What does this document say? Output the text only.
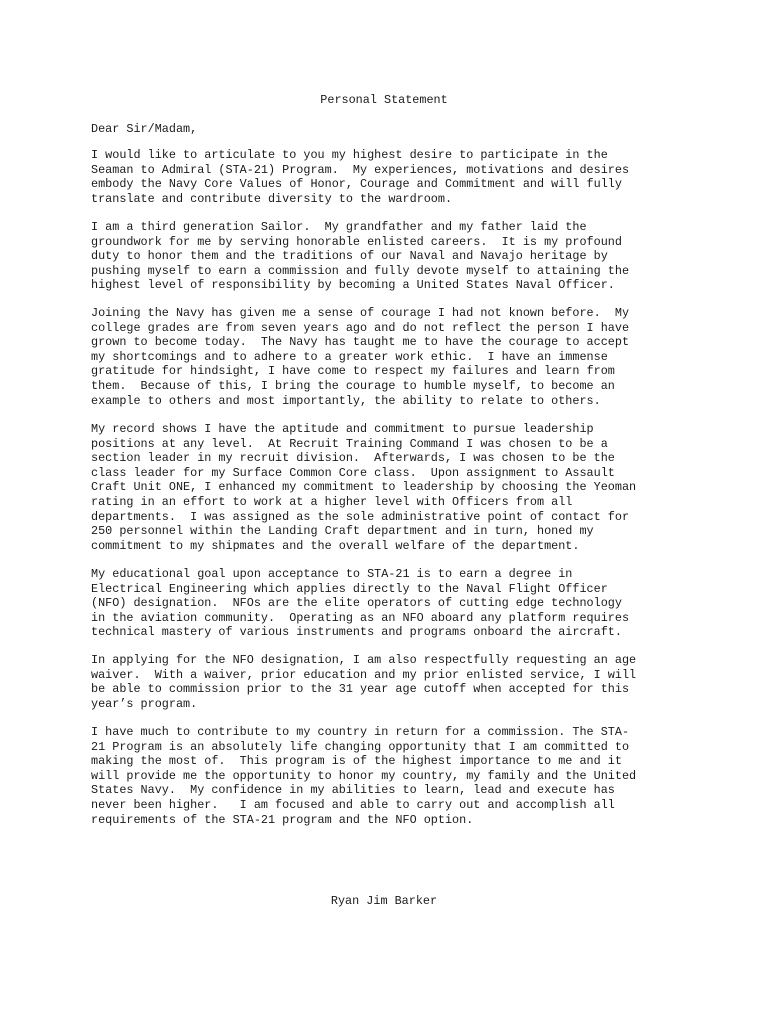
Personal Statement
Dear Sir/Madam,
I would like to articulate to you my highest desire to participate in the
Seaman to Admiral (STA-21) Program.  My experiences, motivations and desires
embody the Navy Core Values of Honor, Courage and Commitment and will fully
translate and contribute diversity to the wardroom.
I am a third generation Sailor.  My grandfather and my father laid the
groundwork for me by serving honorable enlisted careers.  It is my profound
duty to honor them and the traditions of our Naval and Navajo heritage by
pushing myself to earn a commission and fully devote myself to attaining the
highest level of responsibility by becoming a United States Naval Officer.
Joining the Navy has given me a sense of courage I had not known before.  My
college grades are from seven years ago and do not reflect the person I have
grown to become today.  The Navy has taught me to have the courage to accept
my shortcomings and to adhere to a greater work ethic.  I have an immense
gratitude for hindsight, I have come to respect my failures and learn from
them.  Because of this, I bring the courage to humble myself, to become an
example to others and most importantly, the ability to relate to others.
My record shows I have the aptitude and commitment to pursue leadership
positions at any level.  At Recruit Training Command I was chosen to be a
section leader in my recruit division.  Afterwards, I was chosen to be the
class leader for my Surface Common Core class.  Upon assignment to Assault
Craft Unit ONE, I enhanced my commitment to leadership by choosing the Yeoman
rating in an effort to work at a higher level with Officers from all
departments.  I was assigned as the sole administrative point of contact for
250 personnel within the Landing Craft department and in turn, honed my
commitment to my shipmates and the overall welfare of the department.
My educational goal upon acceptance to STA-21 is to earn a degree in
Electrical Engineering which applies directly to the Naval Flight Officer
(NFO) designation.  NFOs are the elite operators of cutting edge technology
in the aviation community.  Operating as an NFO aboard any platform requires
technical mastery of various instruments and programs onboard the aircraft.
In applying for the NFO designation, I am also respectfully requesting an age
waiver.  With a waiver, prior education and my prior enlisted service, I will
be able to commission prior to the 31 year age cutoff when accepted for this
year’s program.
I have much to contribute to my country in return for a commission. The STA-
21 Program is an absolutely life changing opportunity that I am committed to
making the most of.  This program is of the highest importance to me and it
will provide me the opportunity to honor my country, my family and the United
States Navy.  My confidence in my abilities to learn, lead and execute has
never been higher.   I am focused and able to carry out and accomplish all
requirements of the STA-21 program and the NFO option.
Ryan Jim Barker
